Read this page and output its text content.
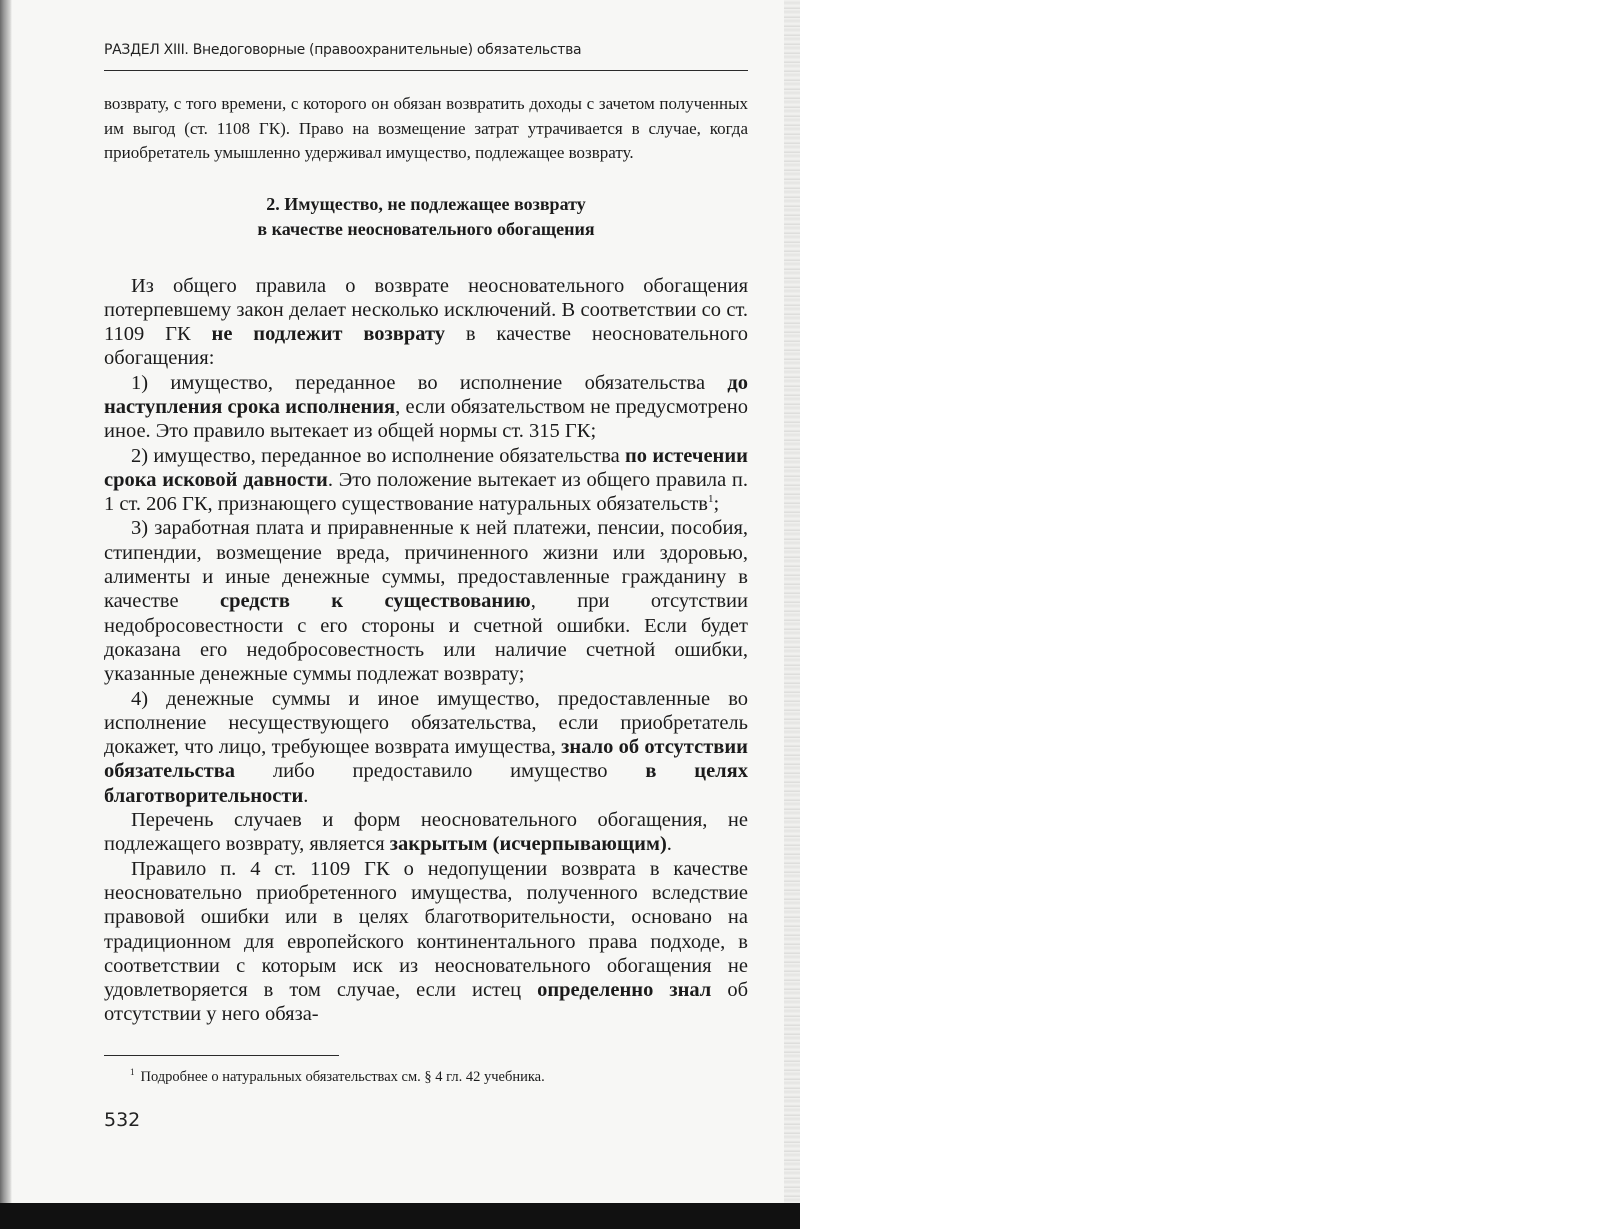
РАЗДЕЛ XIII. Внедоговорные (правоохранительные) обязательства

возврату, с того времени, с которого он обязан возвратить доходы с зачетом полученных им выгод (ст. 1108 ГК). Право на возмещение затрат утрачивается в случае, когда приобретатель умышленно удерживал имущество, подлежащее возврату.

2. Имущество, не подлежащее возврату
в качестве неосновательного обогащения

Из общего правила о возврате неосновательного обогащения потерпевшему закон делает несколько исключений. В соответствии со ст. 1109 ГК не подлежит возврату в качестве неосновательного обогащения:

1) имущество, переданное во исполнение обязательства до наступления срока исполнения, если обязательством не предусмотрено иное. Это правило вытекает из общей нормы ст. 315 ГК;

2) имущество, переданное во исполнение обязательства по истечении срока исковой давности. Это положение вытекает из общего правила п. 1 ст. 206 ГК, признающего существование натуральных обязательств$^1$;

3) заработная плата и приравненные к ней платежи, пенсии, пособия, стипендии, возмещение вреда, причиненного жизни или здоровью, алименты и иные денежные суммы, предоставленные гражданину в качестве средств к существованию, при отсутствии недобросовестности с его стороны и счетной ошибки. Если будет доказана его недобросовестность или наличие счетной ошибки, указанные денежные суммы подлежат возврату;

4) денежные суммы и иное имущество, предоставленные во исполнение несуществующего обязательства, если приобретатель докажет, что лицо, требующее возврата имущества, знало об отсутствии обязательства либо предоставило имущество в целях благотворительности.

Перечень случаев и форм неосновательного обогащения, не подлежащего возврату, является закрытым (исчерпывающим).

Правило п. 4 ст. 1109 ГК о недопущении возврата в качестве неосновательно приобретенного имущества, полученного вследствие правовой ошибки или в целях благотворительности, основано на традиционном для европейского континентального права подходе, в соответствии с которым иск из неосновательного обогащения не удовлетворяется в том случае, если истец определенно знал об отсутствии у него обяза-

$^1$ Подробнее о натуральных обязательствах см. § 4 гл. 42 учебника.
532
